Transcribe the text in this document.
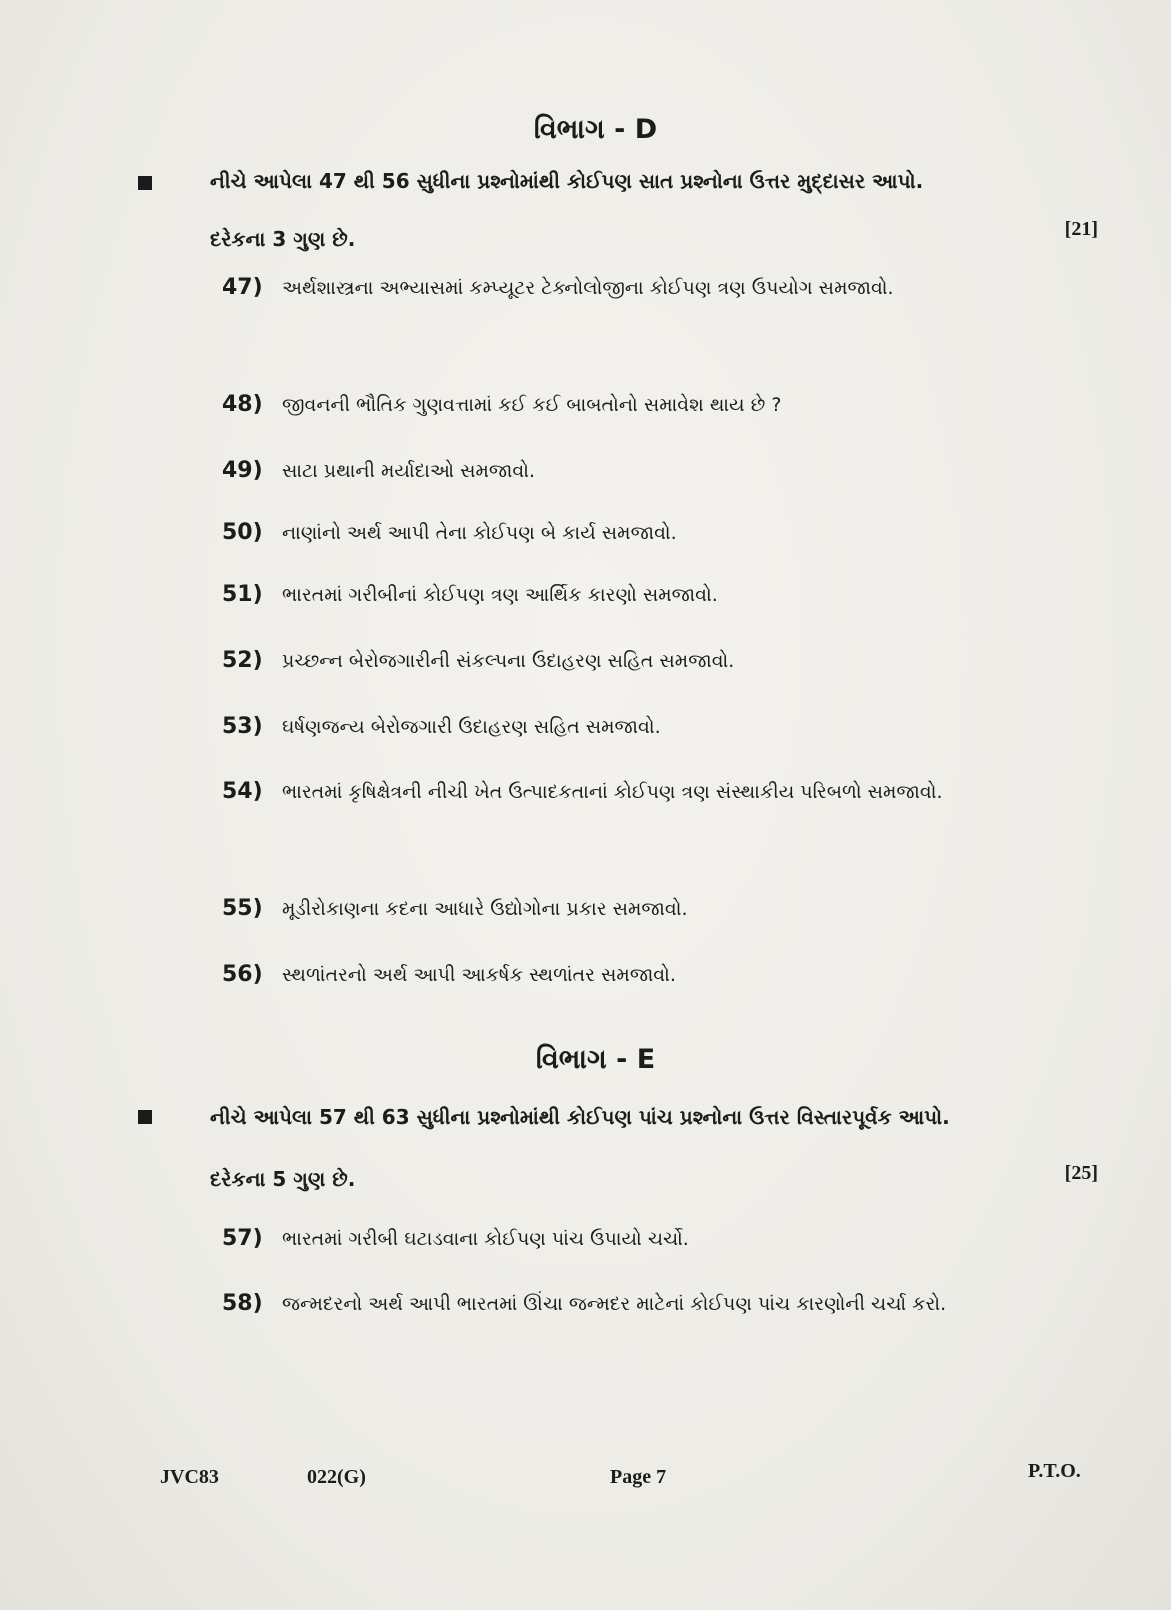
વિભાગ - D
નીચે આપેલા 47 થી 56 સુધીના પ્રશ્નોમાંથી કોઈપણ સાત પ્રશ્નોના ઉત્તર મુદ્દાસર આપો. દરેકના 3 ગુણ છે.	[21]
47) અર્થશાસ્ત્રના અભ્યાસમાં કમ્પ્યૂટર ટેક્નોલોજીના કોઈપણ ત્રણ ઉપયોગ સમજાવો.
48) જીવનની ભૌતિક ગુણવત્તામાં કઈ કઈ બાબતોનો સમાવેશ થાય છે ?
49) સાટા પ્રથાની મર્યાદાઓ સમજાવો.
50) નાણાંનો અર્થ આપી તેના કોઈપણ બે કાર્ય સમજાવો.
51) ભારતમાં ગરીબીનાં કોઈપણ ત્રણ આર્થિક કારણો સમજાવો.
52) પ્રચ્છન્ન બેરોજગારીની સંકલ્પના ઉદાહરણ સહિત સમજાવો.
53) ઘર્ષણજન્ય બેરોજગારી ઉદાહરણ સહિત સમજાવો.
54) ભારતમાં કૃષિક્ષેત્રની નીચી ખેત ઉત્પાદકતાનાં કોઈપણ ત્રણ સંસ્થાકીય પરિબળો સમજાવો.
55) મૂડીરોકાણના કદના આધારે ઉદ્યોગોના પ્રકાર સમજાવો.
56) સ્થળાંતરનો અર્થ આપી આકર્ષક સ્થળાંતર સમજાવો.
વિભાગ - E
નીચે આપેલા 57 થી 63 સુધીના પ્રશ્નોમાંથી કોઈપણ પાંચ પ્રશ્નોના ઉત્તર વિસ્તારપૂર્વક આપો. દરેકના 5 ગુણ છે.	[25]
57) ભારતમાં ગરીબી ઘટાડવાના કોઈપણ પાંચ ઉપાયો ચર્ચો.
58) જન્મદરનો અર્થ આપી ભારતમાં ઊંચા જન્મદર માટેનાં કોઈપણ પાંચ કારણોની ચર્ચા કરો.
JVC83	022(G)	Page 7	P.T.O.
